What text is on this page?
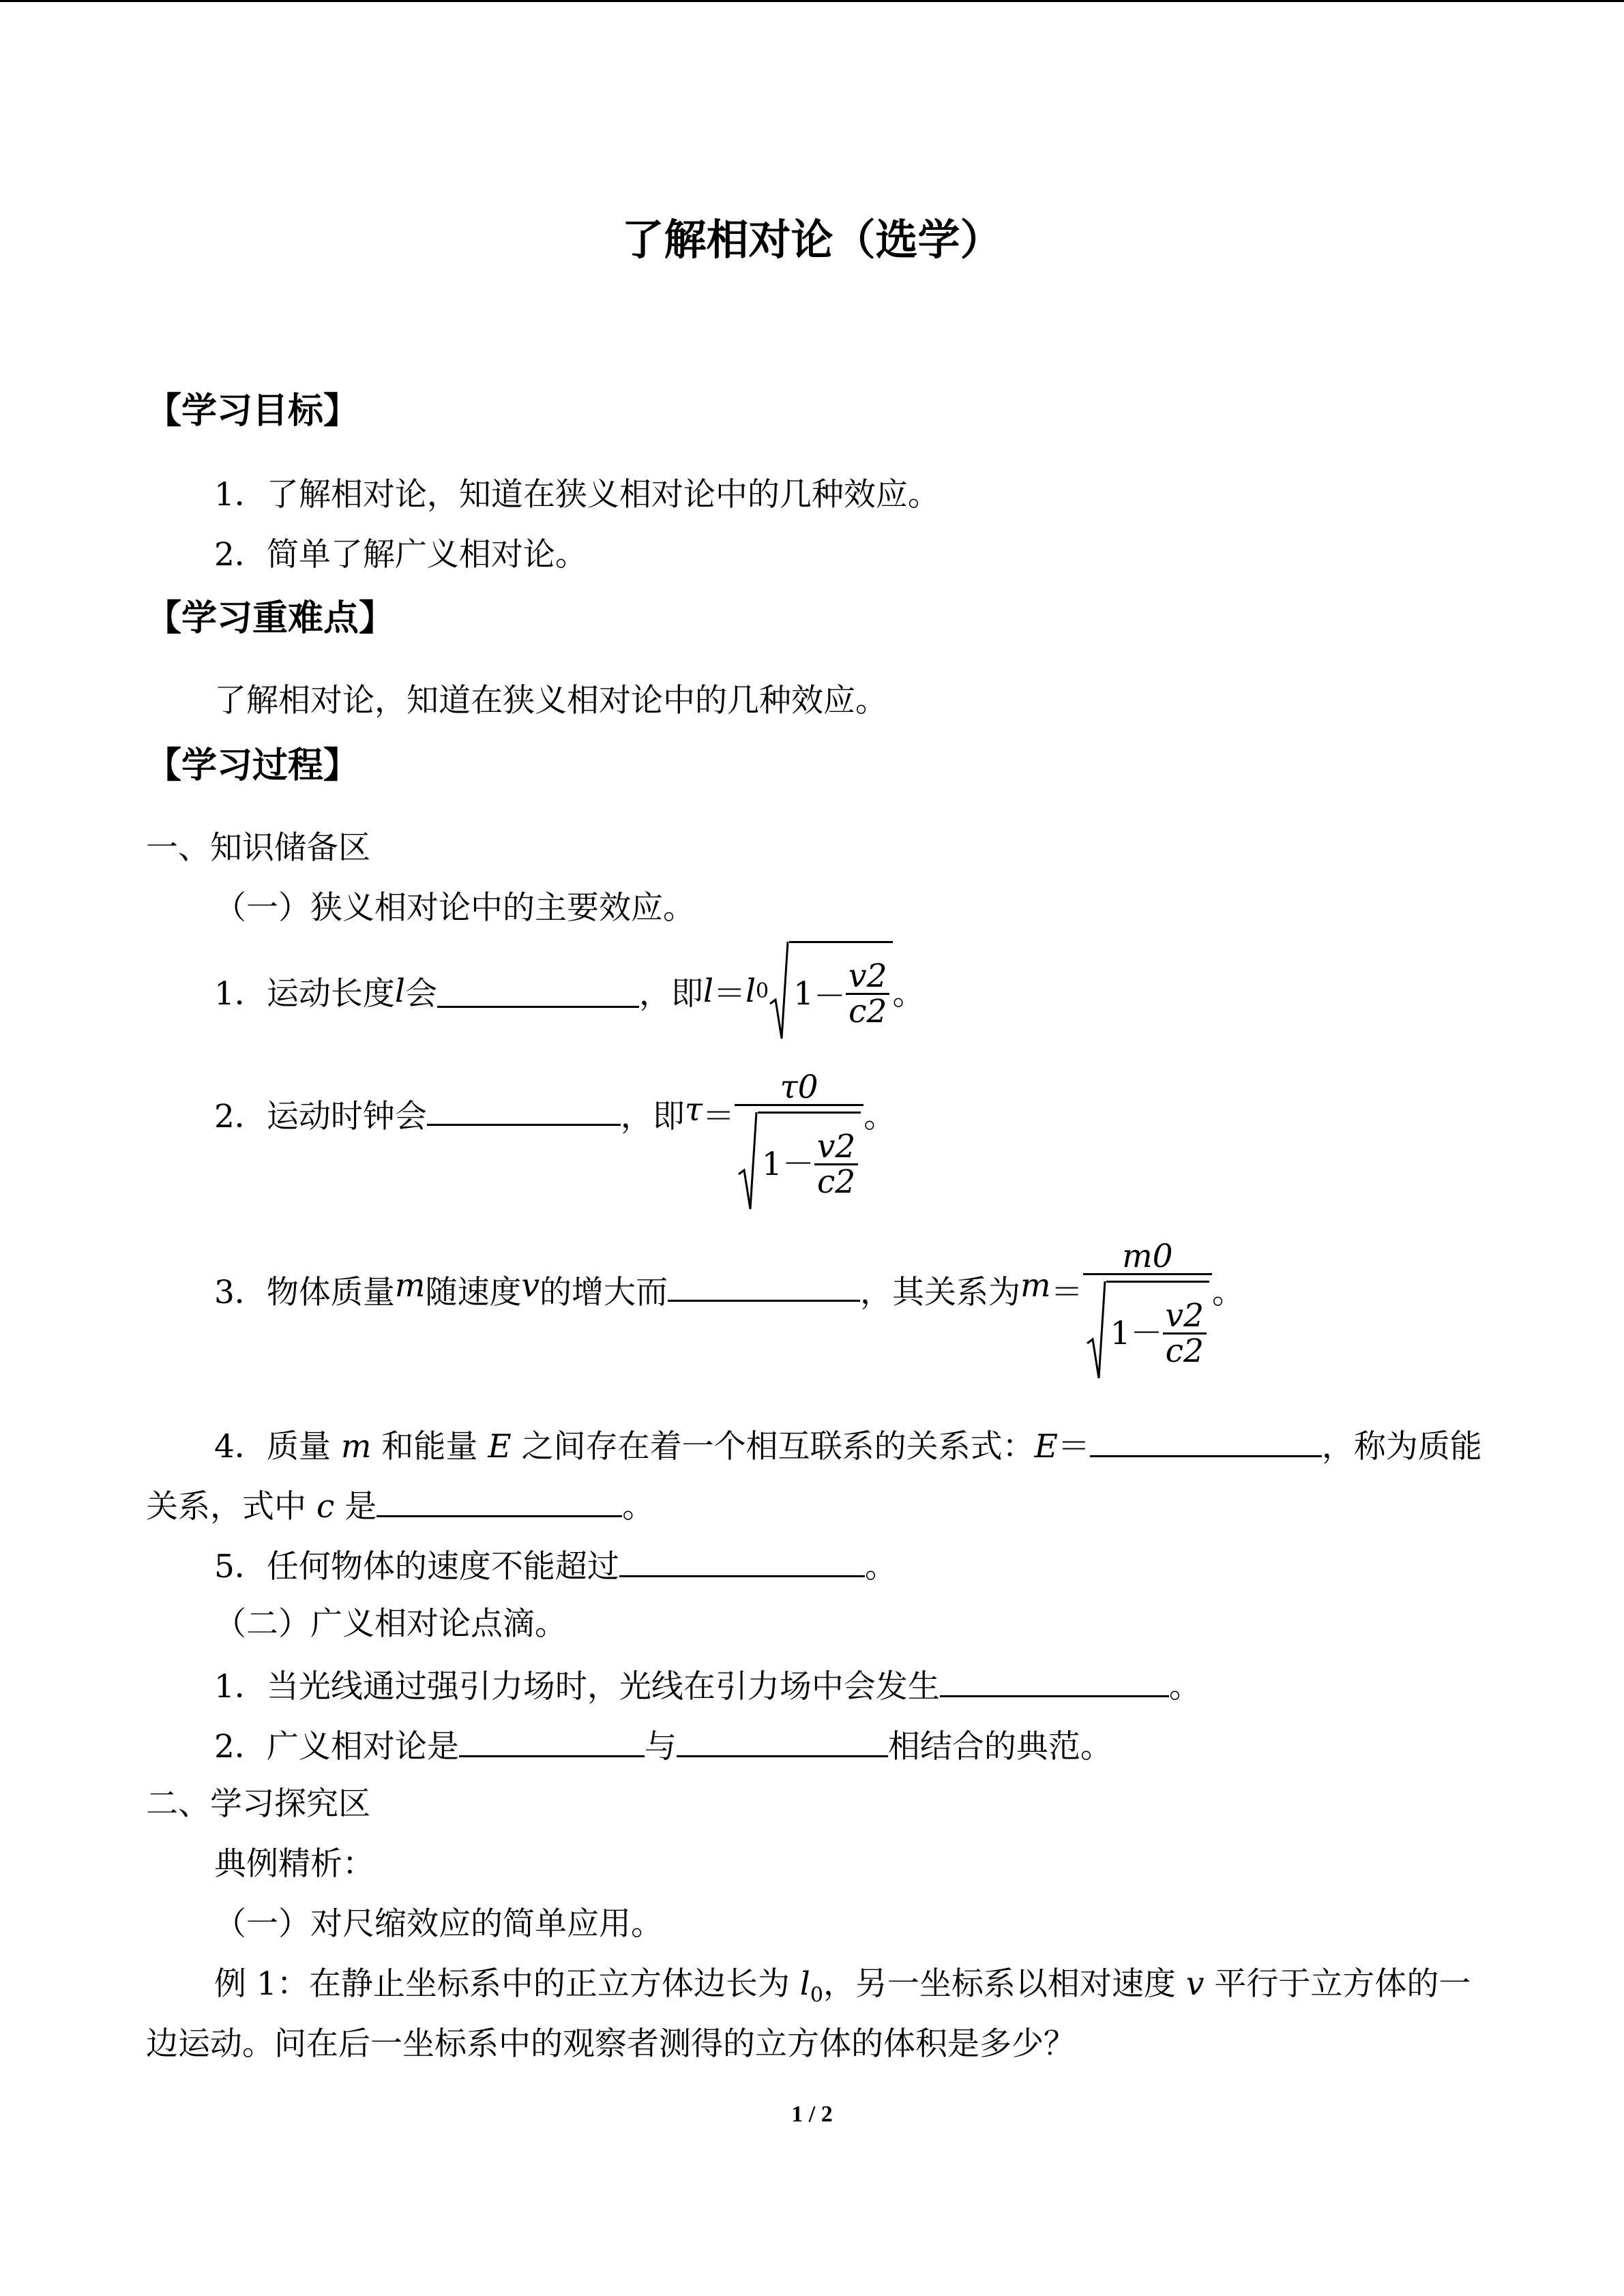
了解相对论（选学）
【学习目标】
1．了解相对论，知道在狭义相对论中的几种效应。
2．简单了解广义相对论。
【学习重难点】
了解相对论，知道在狭义相对论中的几种效应。
【学习过程】
一、知识储备区
（一）狭义相对论中的主要效应。
1．运动长度 l 会	，即 l ＝ l 0 $1 - \frac{v2}{c2}$ 。
2．运动时钟会	，即 τ ＝
τ0
$1 - \frac{v2}{c2}$
。
3．物体质量 m 随速度 v 的增大而	，其关系为 m ＝
m0
$1 - \frac{v2}{c2}$
。
4．质量 m 和能量 E 之间存在着一个相互联系的关系式：E＝	，称为质能
关系，式中 c 是	。
5．任何物体的速度不能超过	。
（二）广义相对论点滴。
1．当光线通过强引力场时，光线在引力场中会发生	。
2．广义相对论是	与	相结合的典范。
二、学习探究区
典例精析：
（一）对尺缩效应的简单应用。
例 1：在静止坐标系中的正立方体边长为 $l_0$，另一坐标系以相对速度 v 平行于立方体的一
边运动。问在后一坐标系中的观察者测得的立方体的体积是多少？
1 / 2
